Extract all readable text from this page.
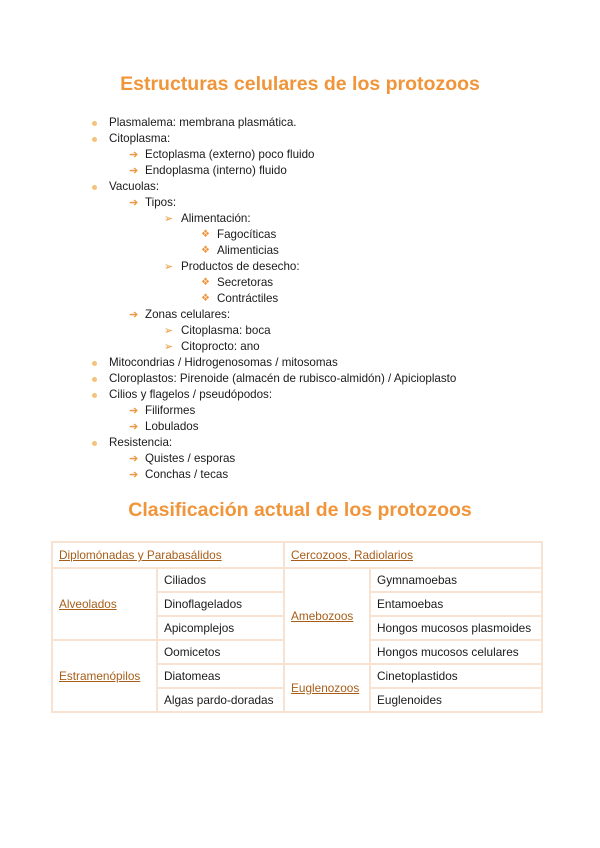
Estructuras celulares de los protozoos
Plasmalema: membrana plasmática.
Citoplasma:
➔ Ectoplasma (externo) poco fluido
➔ Endoplasma (interno) fluido
Vacuolas:
➔ Tipos:
➢ Alimentación:
❖ Fagocíticas
❖ Alimenticias
➢ Productos de desecho:
❖ Secretoras
❖ Contráctiles
➔ Zonas celulares:
➢ Citoplasma: boca
➢ Citoprocto: ano
Mitocondrias / Hidrogenosomas / mitosomas
Cloroplastos: Pirenoide (almacén de rubisco-almidón) / Apicioplasto
Cilios y flagelos / pseudópodos:
➔ Filiformes
➔ Lobulados
Resistencia:
➔ Quistes / esporas
➔ Conchas / tecas
Clasificación actual de los protozoos
Diplomónadas y Parabasálidos		Cercozoos, Radiolarios	
Alveolados	Ciliados	Amebozoos	Gymnamoebas
	Dinoflagelados		Entamoebas
	Apicomplejos		Hongos mucosos plasmoides
Estramenópilos	Oomicetos		Hongos mucosos celulares
	Diatomeas	Euglenozoos	Cinetoplastidos
	Algas pardo-doradas		Euglenoides
